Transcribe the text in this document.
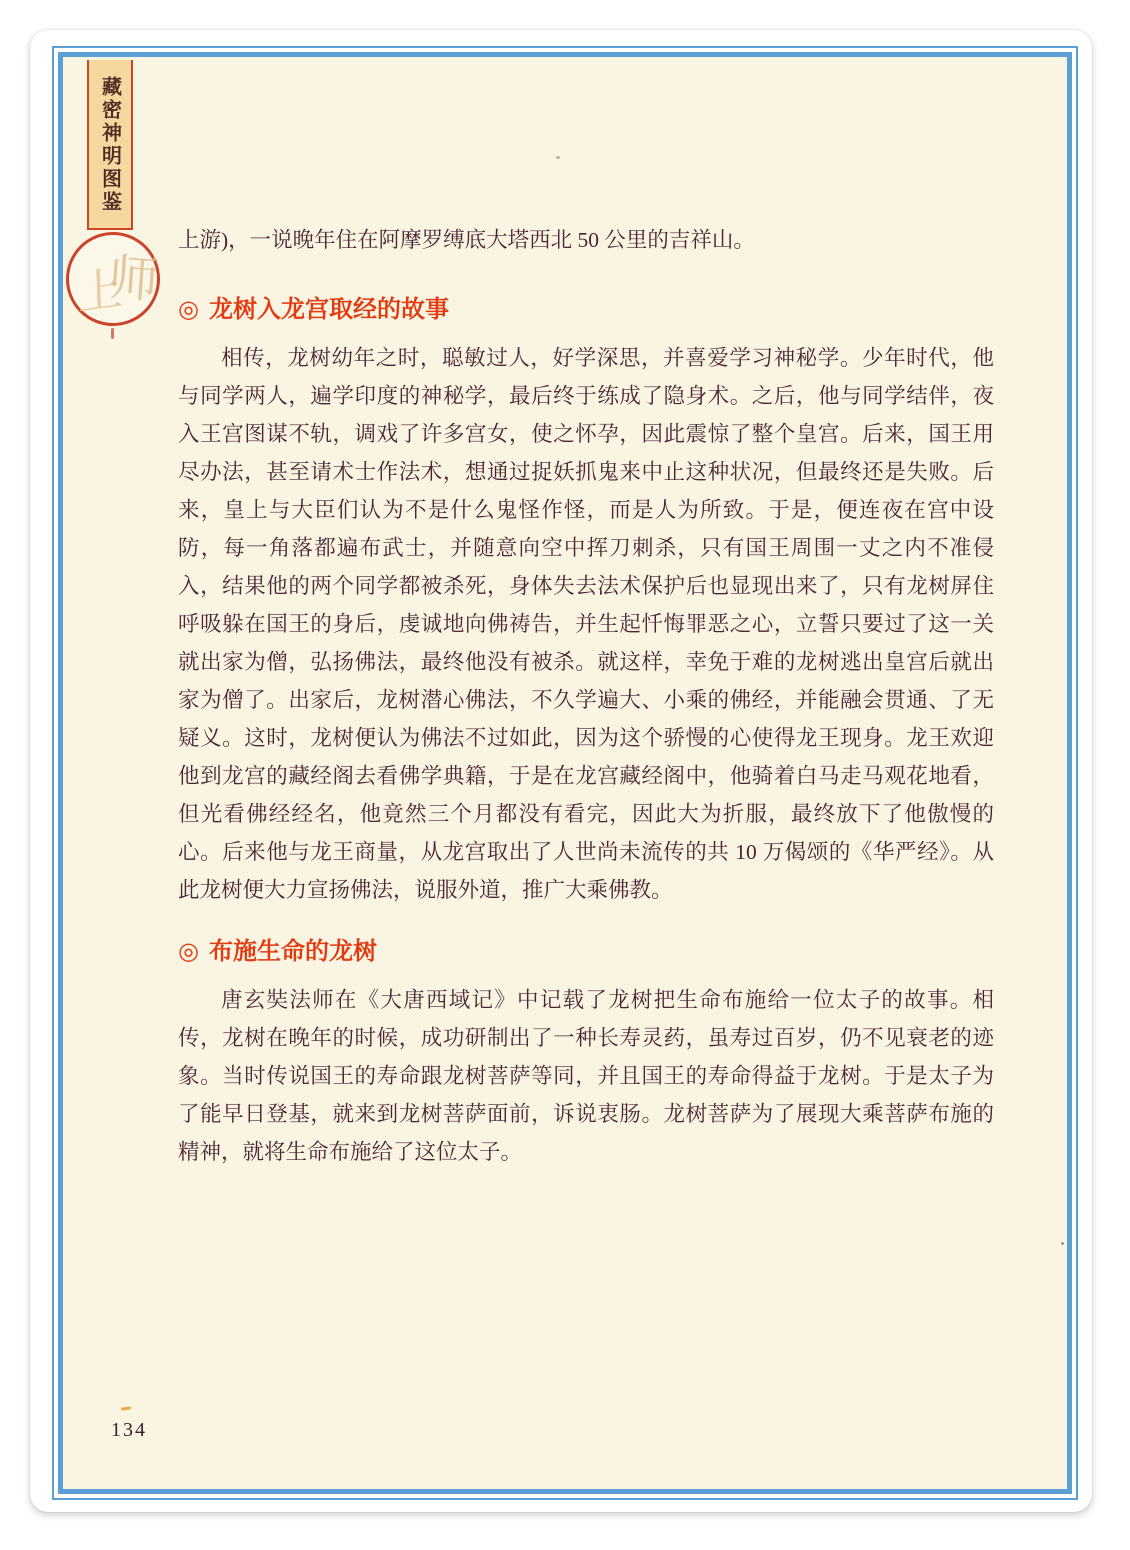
藏密神明图鉴
上
师
上游)，一说晚年住在阿摩罗缚底大塔西北 50 公里的吉祥山。
◎ 龙树入龙宫取经的故事
相传，龙树幼年之时，聪敏过人，好学深思，并喜爱学习神秘学。少年时代，他与同学两人，遍学印度的神秘学，最后终于练成了隐身术。之后，他与同学结伴，夜入王宫图谋不轨，调戏了许多宫女，使之怀孕，因此震惊了整个皇宫。后来，国王用尽办法，甚至请术士作法术，想通过捉妖抓鬼来中止这种状况，但最终还是失败。后来，皇上与大臣们认为不是什么鬼怪作怪，而是人为所致。于是，便连夜在宫中设防，每一角落都遍布武士，并随意向空中挥刀刺杀，只有国王周围一丈之内不准侵入，结果他的两个同学都被杀死，身体失去法术保护后也显现出来了，只有龙树屏住呼吸躲在国王的身后，虔诚地向佛祷告，并生起忏悔罪恶之心，立誓只要过了这一关就出家为僧，弘扬佛法，最终他没有被杀。就这样，幸免于难的龙树逃出皇宫后就出家为僧了。出家后，龙树潜心佛法，不久学遍大、小乘的佛经，并能融会贯通、了无疑义。这时，龙树便认为佛法不过如此，因为这个骄慢的心使得龙王现身。龙王欢迎他到龙宫的藏经阁去看佛学典籍，于是在龙宫藏经阁中，他骑着白马走马观花地看，但光看佛经经名，他竟然三个月都没有看完，因此大为折服，最终放下了他傲慢的心。后来他与龙王商量，从龙宫取出了人世尚未流传的共 10 万偈颂的《华严经》。从此龙树便大力宣扬佛法，说服外道，推广大乘佛教。
◎ 布施生命的龙树
唐玄奘法师在《大唐西域记》中记载了龙树把生命布施给一位太子的故事。相传，龙树在晚年的时候，成功研制出了一种长寿灵药，虽寿过百岁，仍不见衰老的迹象。当时传说国王的寿命跟龙树菩萨等同，并且国王的寿命得益于龙树。于是太子为了能早日登基，就来到龙树菩萨面前，诉说衷肠。龙树菩萨为了展现大乘菩萨布施的精神，就将生命布施给了这位太子。
134
